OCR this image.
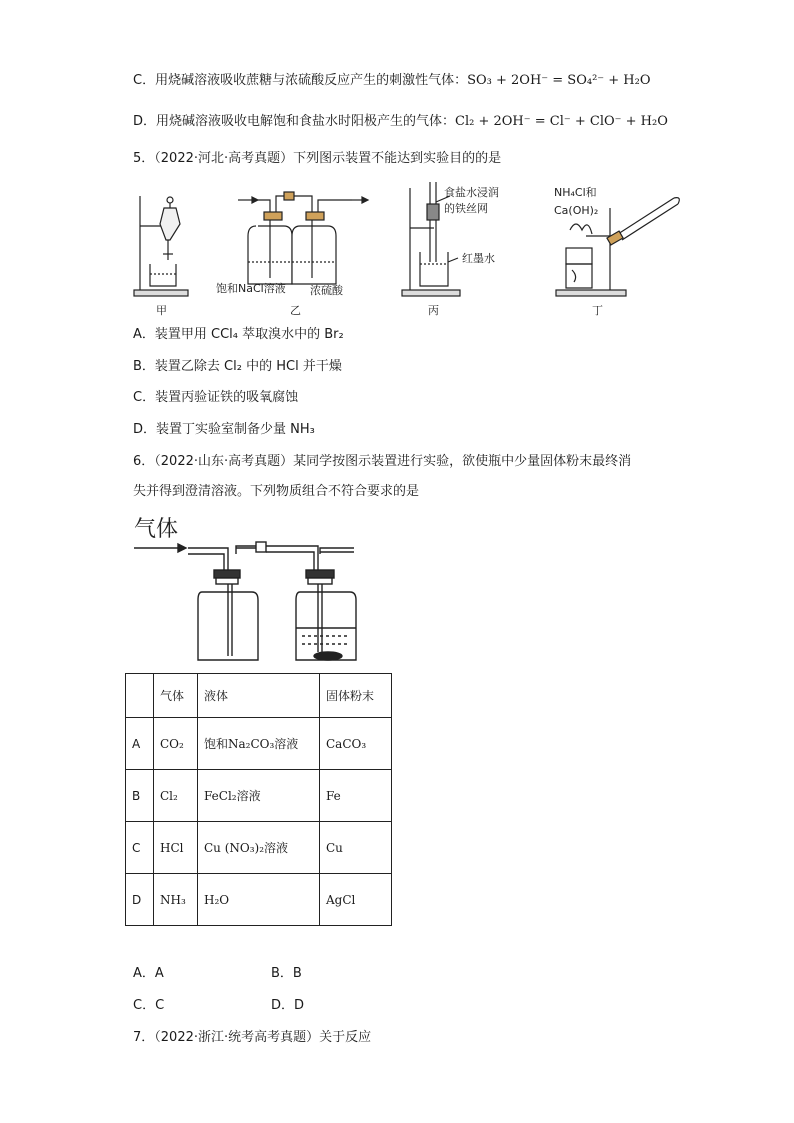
C．用烧碱溶液吸收蔗糖与浓硫酸反应产生的刺激性气体：SO₃ + 2OH⁻ = SO₄²⁻ + H₂O
D．用烧碱溶液吸收电解饱和食盐水时阳极产生的气体：Cl₂ + 2OH⁻ = Cl⁻ + ClO⁻ + H₂O
5．（2022·河北·高考真题）下列图示装置不能达到实验目的的是
甲
饱和NaCl溶液 浓硫酸
乙
食盐水浸润
的铁丝网
红墨水
丙
NH₄Cl和
Ca(OH)₂
丁
A．装置甲用 CCl₄ 萃取溴水中的 Br₂
B．装置乙除去 Cl₂ 中的 HCl 并干燥
C．装置丙验证铁的吸氧腐蚀
D．装置丁实验室制备少量 NH₃
6．（2022·山东·高考真题）某同学按图示装置进行实验，欲使瓶中少量固体粉末最终消
失并得到澄清溶液。下列物质组合不符合要求的是
气体
	气体	液体	固体粉末
A	CO₂	饱和Na₂CO₃溶液	CaCO₃
B	Cl₂	FeCl₂溶液	Fe
C	HCl	Cu (NO₃)₂溶液	Cu
D	NH₃	H₂O	AgCl
A．A	B．B
C．C	D．D
7．（2022·浙江·统考高考真题）关于反应
